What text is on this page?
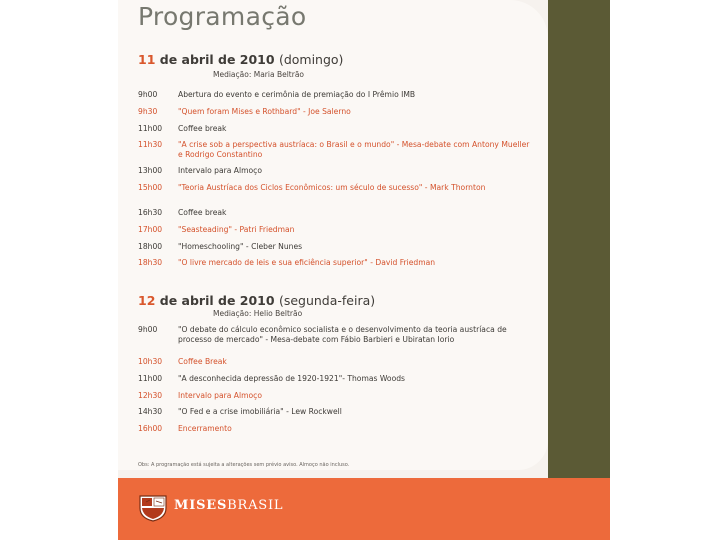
Programação
11 de abril de 2010 (domingo)
Mediação: Maria Beltrão
9h00	Abertura do evento e cerimônia de premiação do I Prêmio IMB
9h30	"Quem foram Mises e Rothbard" - Joe Salerno
11h00	Coffee break
11h30	"A crise sob a perspectiva austríaca: o Brasil e o mundo" - Mesa-debate com Antony Mueller e Rodrigo Constantino
13h00	Intervalo para Almoço
15h00	"Teoria Austríaca dos Ciclos Econômicos: um século de sucesso" - Mark Thornton
16h30	Coffee break
17h00	"Seasteading" - Patri Friedman
18h00	"Homeschooling" - Cleber Nunes
18h30	"O livre mercado de leis e sua eficiência superior" - David Friedman
12 de abril de 2010 (segunda-feira)
Mediação: Helio Beltrão
9h00	"O debate do cálculo econômico socialista e o desenvolvimento da teoria austríaca de processo de mercado" - Mesa-debate com Fábio Barbieri e Ubiratan Iorio
10h30	Coffee Break
11h00	"A desconhecida depressão de 1920-1921"- Thomas Woods
12h30	Intervalo para Almoço
14h30	"O Fed e a crise imobiliária" - Lew Rockwell
16h00	Encerramento
Obs: A programação está sujeita a alterações sem prévio aviso. Almoço não incluso.
MISESBRASIL
